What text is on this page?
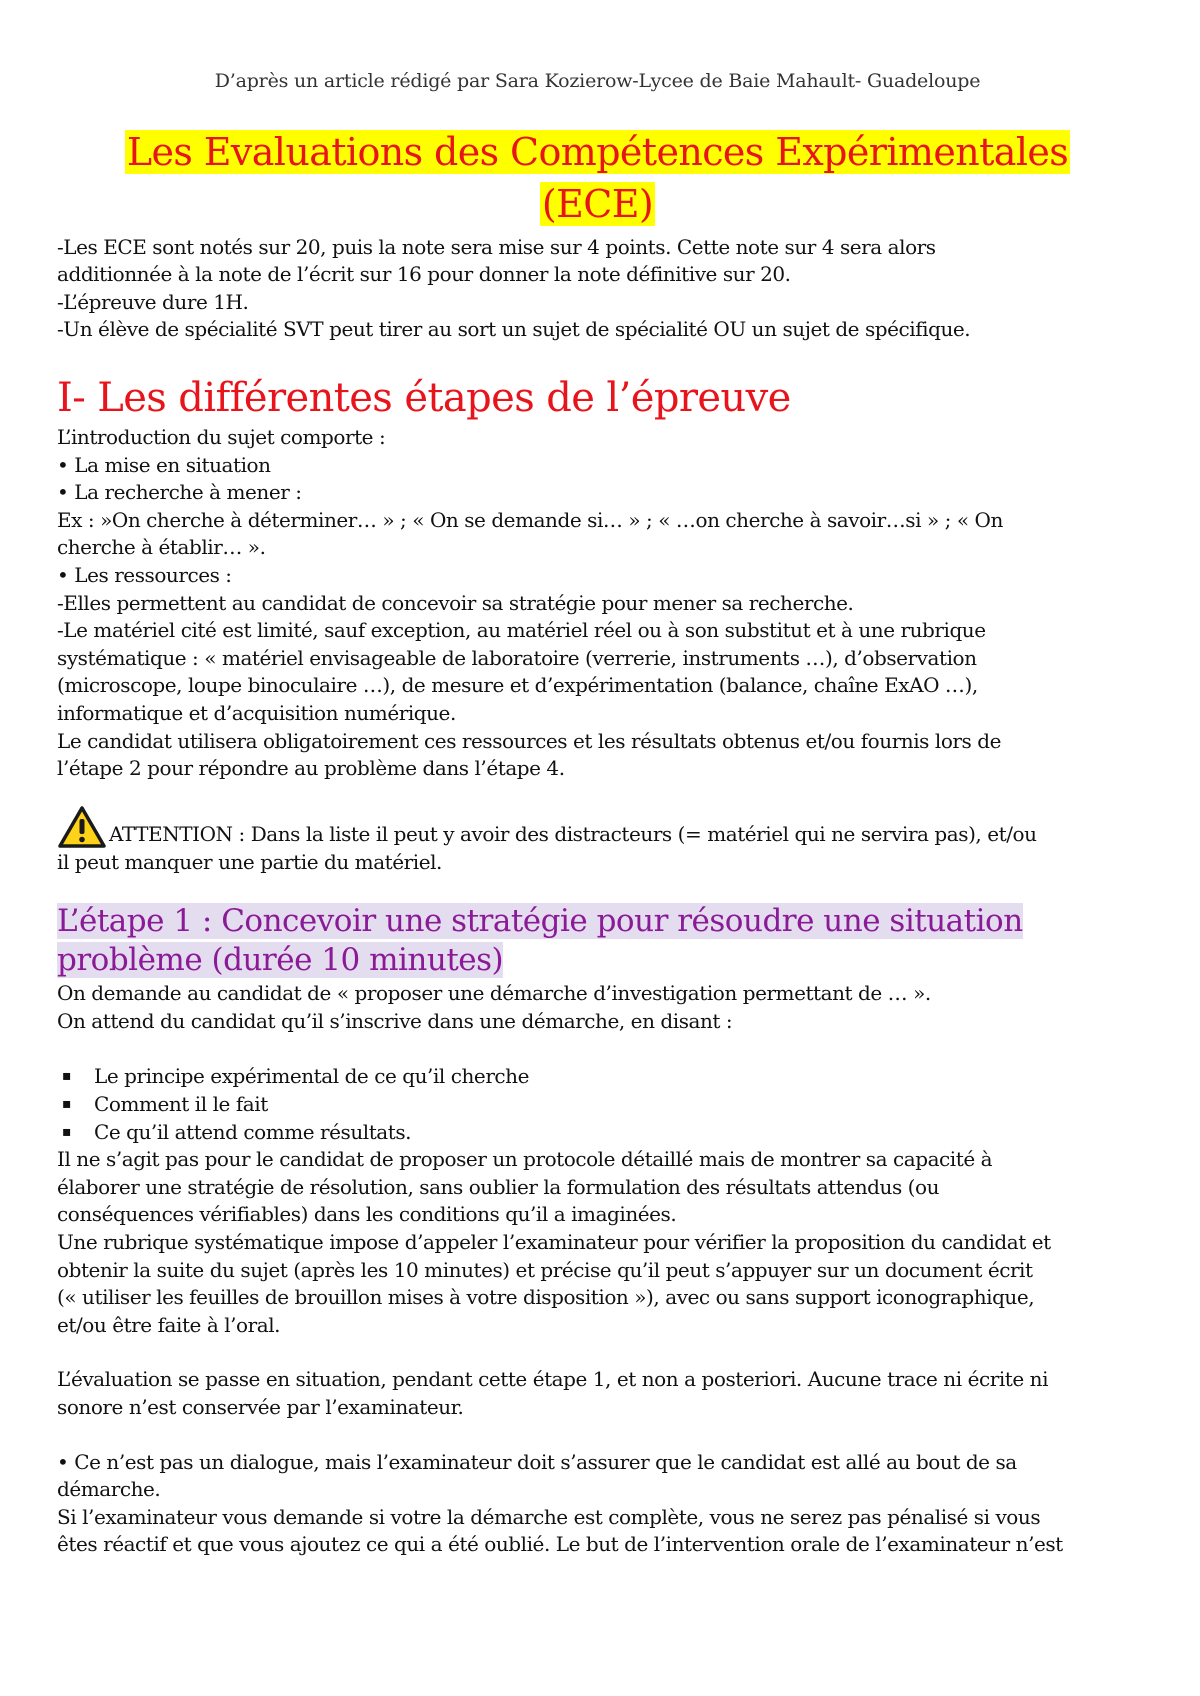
D’après un article rédigé par Sara Kozierow-Lycee de Baie Mahault- Guadeloupe

Les Evaluations des Compétences Expérimentales
(ECE)

-Les ECE sont notés sur 20, puis la note sera mise sur 4 points. Cette note sur 4 sera alors

additionnée à la note de l’écrit sur 16 pour donner la note définitive sur 20.

-L’épreuve dure 1H.

-Un élève de spécialité SVT peut tirer au sort un sujet de spécialité OU un sujet de spécifique.

I- Les différentes étapes de l’épreuve

L’introduction du sujet comporte :

• La mise en situation

• La recherche à mener :

Ex : »On cherche à déterminer… » ; « On se demande si… » ; « …on cherche à savoir…si » ; « On

cherche à établir… ».

• Les ressources :

-Elles permettent au candidat de concevoir sa stratégie pour mener sa recherche.

-Le matériel cité est limité, sauf exception, au matériel réel ou à son substitut et à une rubrique

systématique : « matériel envisageable de laboratoire (verrerie, instruments …), d’observation

(microscope, loupe binoculaire …), de mesure et d’expérimentation (balance, chaîne ExAO …),

informatique et d’acquisition numérique.

Le candidat utilisera obligatoirement ces ressources et les résultats obtenus et/ou fournis lors de

l’étape 2 pour répondre au problème dans l’étape 4.

ATTENTION : Dans la liste il peut y avoir des distracteurs (= matériel qui ne servira pas), et/ou

il peut manquer une partie du matériel.

L’étape 1 : Concevoir une stratégie pour résoudre une situation
problème (durée 10 minutes)

On demande au candidat de « proposer une démarche d’investigation permettant de … ».

On attend du candidat qu’il s’inscrive dans une démarche, en disant :

▪ Le principe expérimental de ce qu’il cherche
▪ Comment il le fait
▪ Ce qu’il attend comme résultats.

Il ne s’agit pas pour le candidat de proposer un protocole détaillé mais de montrer sa capacité à

élaborer une stratégie de résolution, sans oublier la formulation des résultats attendus (ou

conséquences vérifiables) dans les conditions qu’il a imaginées.

Une rubrique systématique impose d’appeler l’examinateur pour vérifier la proposition du candidat et

obtenir la suite du sujet (après les 10 minutes) et précise qu’il peut s’appuyer sur un document écrit

(« utiliser les feuilles de brouillon mises à votre disposition »), avec ou sans support iconographique,

et/ou être faite à l’oral.

L’évaluation se passe en situation, pendant cette étape 1, et non a posteriori. Aucune trace ni écrite ni

sonore n’est conservée par l’examinateur.

• Ce n’est pas un dialogue, mais l’examinateur doit s’assurer que le candidat est allé au bout de sa

démarche.

Si l’examinateur vous demande si votre la démarche est complète, vous ne serez pas pénalisé si vous

êtes réactif et que vous ajoutez ce qui a été oublié. Le but de l’intervention orale de l’examinateur n’est
